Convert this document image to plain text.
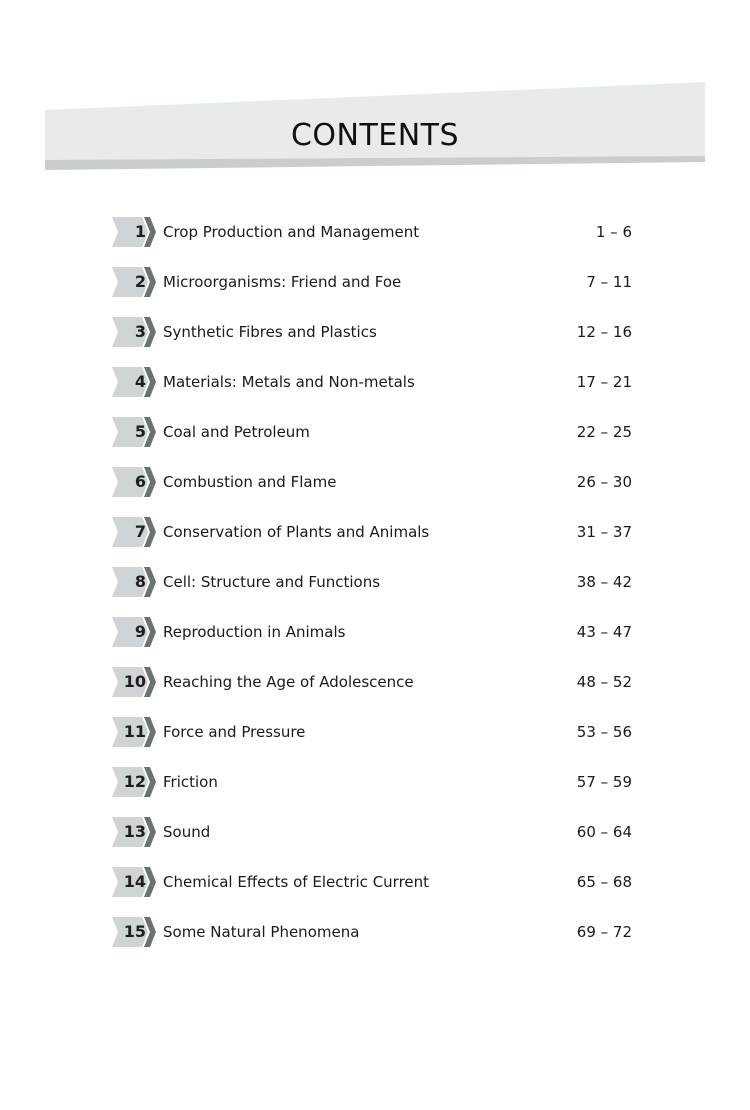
CONTENTS
1 Crop Production and Management	1 – 6
2 Microorganisms: Friend and Foe	7 – 11
3 Synthetic Fibres and Plastics	12 – 16
4 Materials: Metals and Non-metals	17 – 21
5 Coal and Petroleum	22 – 25
6 Combustion and Flame	26 – 30
7 Conservation of Plants and Animals	31 – 37
8 Cell: Structure and Functions	38 – 42
9 Reproduction in Animals	43 – 47
10 Reaching the Age of Adolescence	48 – 52
11 Force and Pressure	53 – 56
12 Friction	57 – 59
13 Sound	60 – 64
14 Chemical Effects of Electric Current	65 – 68
15 Some Natural Phenomena	69 – 72
